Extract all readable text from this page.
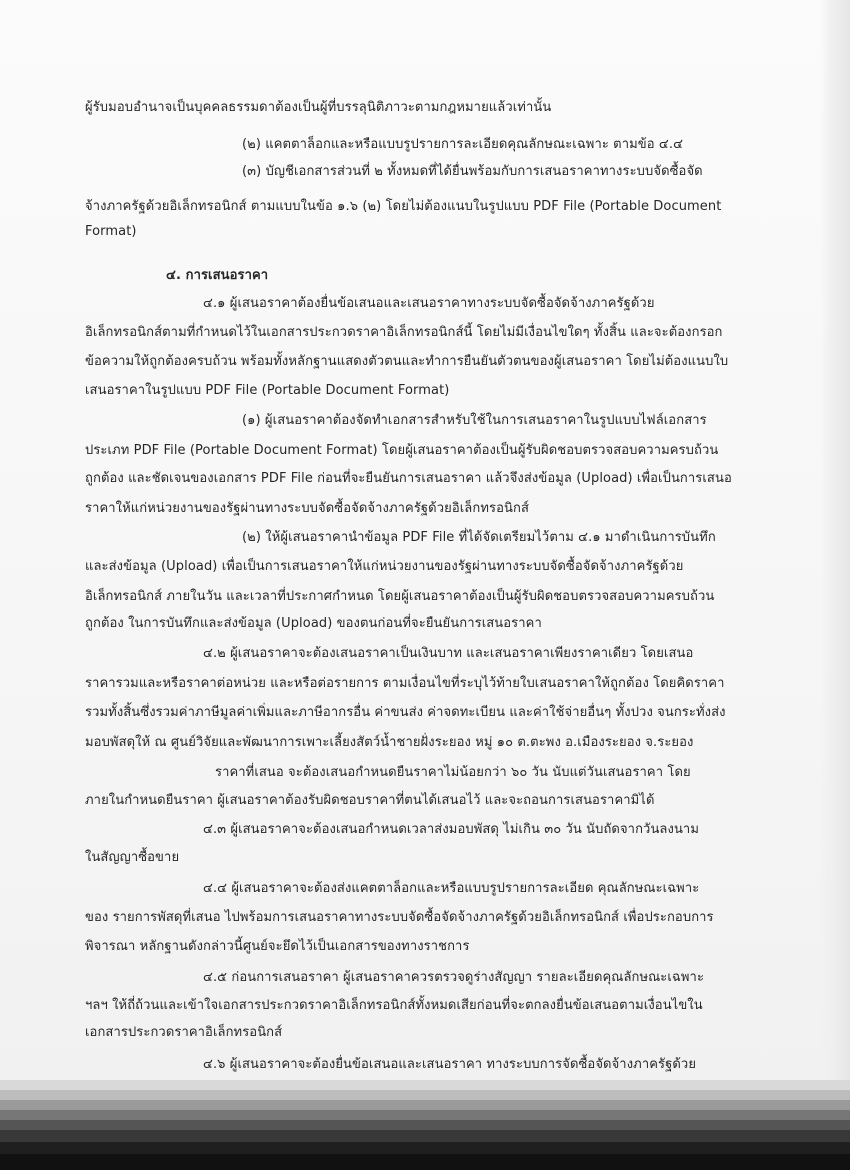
ผู้รับมอบอำนาจเป็นบุคคลธรรมดาต้องเป็นผู้ที่บรรลุนิติภาวะตามกฎหมายแล้วเท่านั้น
(๒) แคตตาล็อกและหรือแบบรูปรายการละเอียดคุณลักษณะเฉพาะ ตามข้อ ๔.๔
(๓) บัญชีเอกสารส่วนที่ ๒ ทั้งหมดที่ได้ยื่นพร้อมกับการเสนอราคาทางระบบจัดซื้อจัด
จ้างภาครัฐด้วยอิเล็กทรอนิกส์ ตามแบบในข้อ ๑.๖ (๒) โดยไม่ต้องแนบในรูปแบบ PDF File (Portable Document
Format)
๔. การเสนอราคา
๔.๑ ผู้เสนอราคาต้องยื่นข้อเสนอและเสนอราคาทางระบบจัดซื้อจัดจ้างภาครัฐด้วย
อิเล็กทรอนิกส์ตามที่กำหนดไว้ในเอกสารประกวดราคาอิเล็กทรอนิกส์นี้ โดยไม่มีเงื่อนไขใดๆ ทั้งสิ้น และจะต้องกรอก
ข้อความให้ถูกต้องครบถ้วน พร้อมทั้งหลักฐานแสดงตัวตนและทำการยืนยันตัวตนของผู้เสนอราคา โดยไม่ต้องแนบใบ
เสนอราคาในรูปแบบ PDF File (Portable Document Format)
(๑) ผู้เสนอราคาต้องจัดทำเอกสารสำหรับใช้ในการเสนอราคาในรูปแบบไฟล์เอกสาร
ประเภท PDF File (Portable Document Format) โดยผู้เสนอราคาต้องเป็นผู้รับผิดชอบตรวจสอบความครบถ้วน
ถูกต้อง และชัดเจนของเอกสาร PDF File ก่อนที่จะยืนยันการเสนอราคา แล้วจึงส่งข้อมูล (Upload) เพื่อเป็นการเสนอ
ราคาให้แก่หน่วยงานของรัฐผ่านทางระบบจัดซื้อจัดจ้างภาครัฐด้วยอิเล็กทรอนิกส์
(๒) ให้ผู้เสนอราคานำข้อมูล PDF File ที่ได้จัดเตรียมไว้ตาม ๔.๑ มาดำเนินการบันทึก
และส่งข้อมูล (Upload) เพื่อเป็นการเสนอราคาให้แก่หน่วยงานของรัฐผ่านทางระบบจัดซื้อจัดจ้างภาครัฐด้วย
อิเล็กทรอนิกส์ ภายในวัน และเวลาที่ประกาศกำหนด โดยผู้เสนอราคาต้องเป็นผู้รับผิดชอบตรวจสอบความครบถ้วน
ถูกต้อง ในการบันทึกและส่งข้อมูล (Upload) ของตนก่อนที่จะยืนยันการเสนอราคา
๔.๒ ผู้เสนอราคาจะต้องเสนอราคาเป็นเงินบาท และเสนอราคาเพียงราคาเดียว โดยเสนอ
ราคารวมและหรือราคาต่อหน่วย และหรือต่อรายการ ตามเงื่อนไขที่ระบุไว้ท้ายใบเสนอราคาให้ถูกต้อง โดยคิดราคา
รวมทั้งสิ้นซึ่งรวมค่าภาษีมูลค่าเพิ่มและภาษีอากรอื่น ค่าขนส่ง ค่าจดทะเบียน และค่าใช้จ่ายอื่นๆ ทั้งปวง จนกระทั่งส่ง
มอบพัสดุให้ ณ ศูนย์วิจัยและพัฒนาการเพาะเลี้ยงสัตว์น้ำชายฝั่งระยอง หมู่ ๑๐ ต.ตะพง อ.เมืองระยอง จ.ระยอง
ราคาที่เสนอ จะต้องเสนอกำหนดยืนราคาไม่น้อยกว่า ๖๐ วัน นับแต่วันเสนอราคา โดย
ภายในกำหนดยืนราคา ผู้เสนอราคาต้องรับผิดชอบราคาที่ตนได้เสนอไว้ และจะถอนการเสนอราคามิได้
๔.๓ ผู้เสนอราคาจะต้องเสนอกำหนดเวลาส่งมอบพัสดุ ไม่เกิน ๓๐ วัน นับถัดจากวันลงนาม
ในสัญญาซื้อขาย
๔.๔ ผู้เสนอราคาจะต้องส่งแคตตาล็อกและหรือแบบรูปรายการละเอียด คุณลักษณะเฉพาะ
ของ รายการพัสดุที่เสนอ ไปพร้อมการเสนอราคาทางระบบจัดซื้อจัดจ้างภาครัฐด้วยอิเล็กทรอนิกส์ เพื่อประกอบการ
พิจารณา หลักฐานดังกล่าวนี้ศูนย์จะยึดไว้เป็นเอกสารของทางราชการ
๔.๕ ก่อนการเสนอราคา ผู้เสนอราคาควรตรวจดูร่างสัญญา รายละเอียดคุณลักษณะเฉพาะ
ฯลฯ ให้ถี่ถ้วนและเข้าใจเอกสารประกวดราคาอิเล็กทรอนิกส์ทั้งหมดเสียก่อนที่จะตกลงยื่นข้อเสนอตามเงื่อนไขใน
เอกสารประกวดราคาอิเล็กทรอนิกส์
๔.๖ ผู้เสนอราคาจะต้องยื่นข้อเสนอและเสนอราคา ทางระบบการจัดซื้อจัดจ้างภาครัฐด้วย
